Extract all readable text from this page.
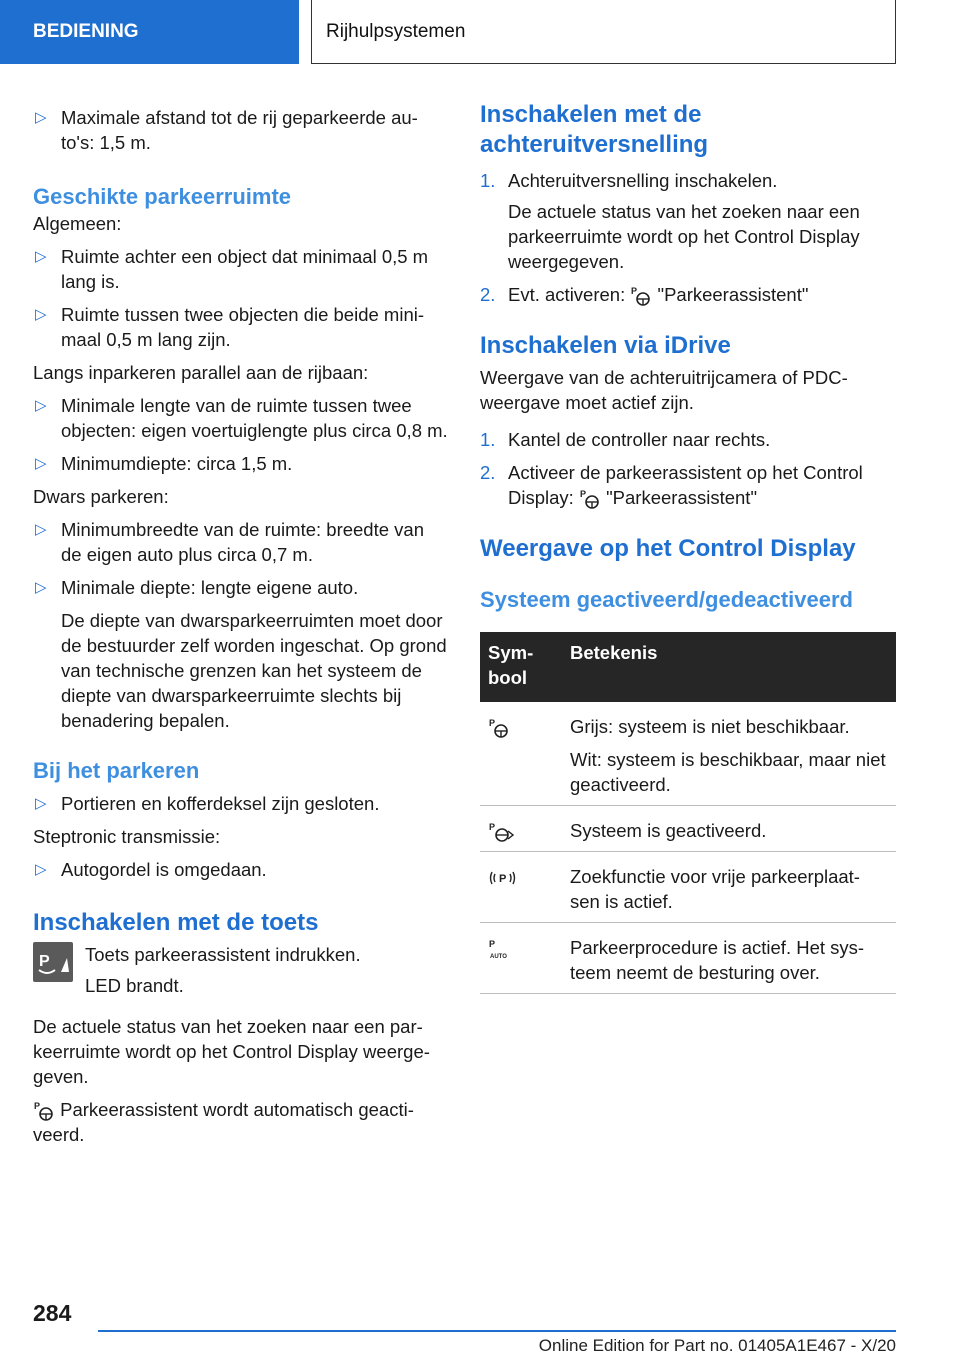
BEDIENING	Rijhulpsystemen
▷ Maximale afstand tot de rij geparkeerde au-to's: 1,5 m.
Geschikte parkeerruimte

Algemeen:

▷ Ruimte achter een object dat minimaal 0,5 m lang is.
▷ Ruimte tussen twee objecten die beide mini-maal 0,5 m lang zijn.

Langs inparkeren parallel aan de rijbaan:

▷ Minimale lengte van de ruimte tussen twee objecten: eigen voertuiglengte plus circa 0,8 m.
▷ Minimumdiepte: circa 1,5 m.

Dwars parkeren:

▷ Minimumbreedte van de ruimte: breedte van de eigen auto plus circa 0,7 m.
▷ Minimale diepte: lengte eigene auto.

De diepte van dwarsparkeerruimten moet door de bestuurder zelf worden ingeschat. Op grond van technische grenzen kan het systeem de diepte van dwarsparkeerruimte slechts bij benadering bepalen.

Bij het parkeren
▷ Portieren en kofferdeksel zijn gesloten.

Steptronic transmissie:

▷ Autogordel is omgedaan.
Inschakelen met de toets
P Toets parkeerassistent indrukken.

LED brandt.

De actuele status van het zoeken naar een par-keerruimte wordt op het Control Display weerge-geven.

P Parkeerassistent wordt automatisch geacti-veerd.

Inschakelen met de achteruitversnelling
1. Achteruitversnelling inschakelen.

De actuele status van het zoeken naar een parkeerruimte wordt op het Control Display weergegeven.

2. Evt. activeren: P "Parkeerassistent"
Inschakelen via iDrive

Weergave van de achteruitrijcamera of PDC-weergave moet actief zijn.

1. Kantel de controller naar rechts.
2. Activeer de parkeerassistent op het Control Display: P "Parkeerassistent"
Weergave op het Control Display
Systeem geactiveerd/gedeactiveerd
Sym-bool	Betekenis

P	Grijs: systeem is niet beschikbaar.

Wit: systeem is beschikbaar, maar niet geactiveerd.

P	Systeem is geactiveerd.

P	Zoekfunctie voor vrije parkeerplaat-sen is actief.

P
AUTO	Parkeerprocedure is actief. Het sys-teem neemt de besturing over.
284
Online Edition for Part no. 01405A1E467 - X/20
